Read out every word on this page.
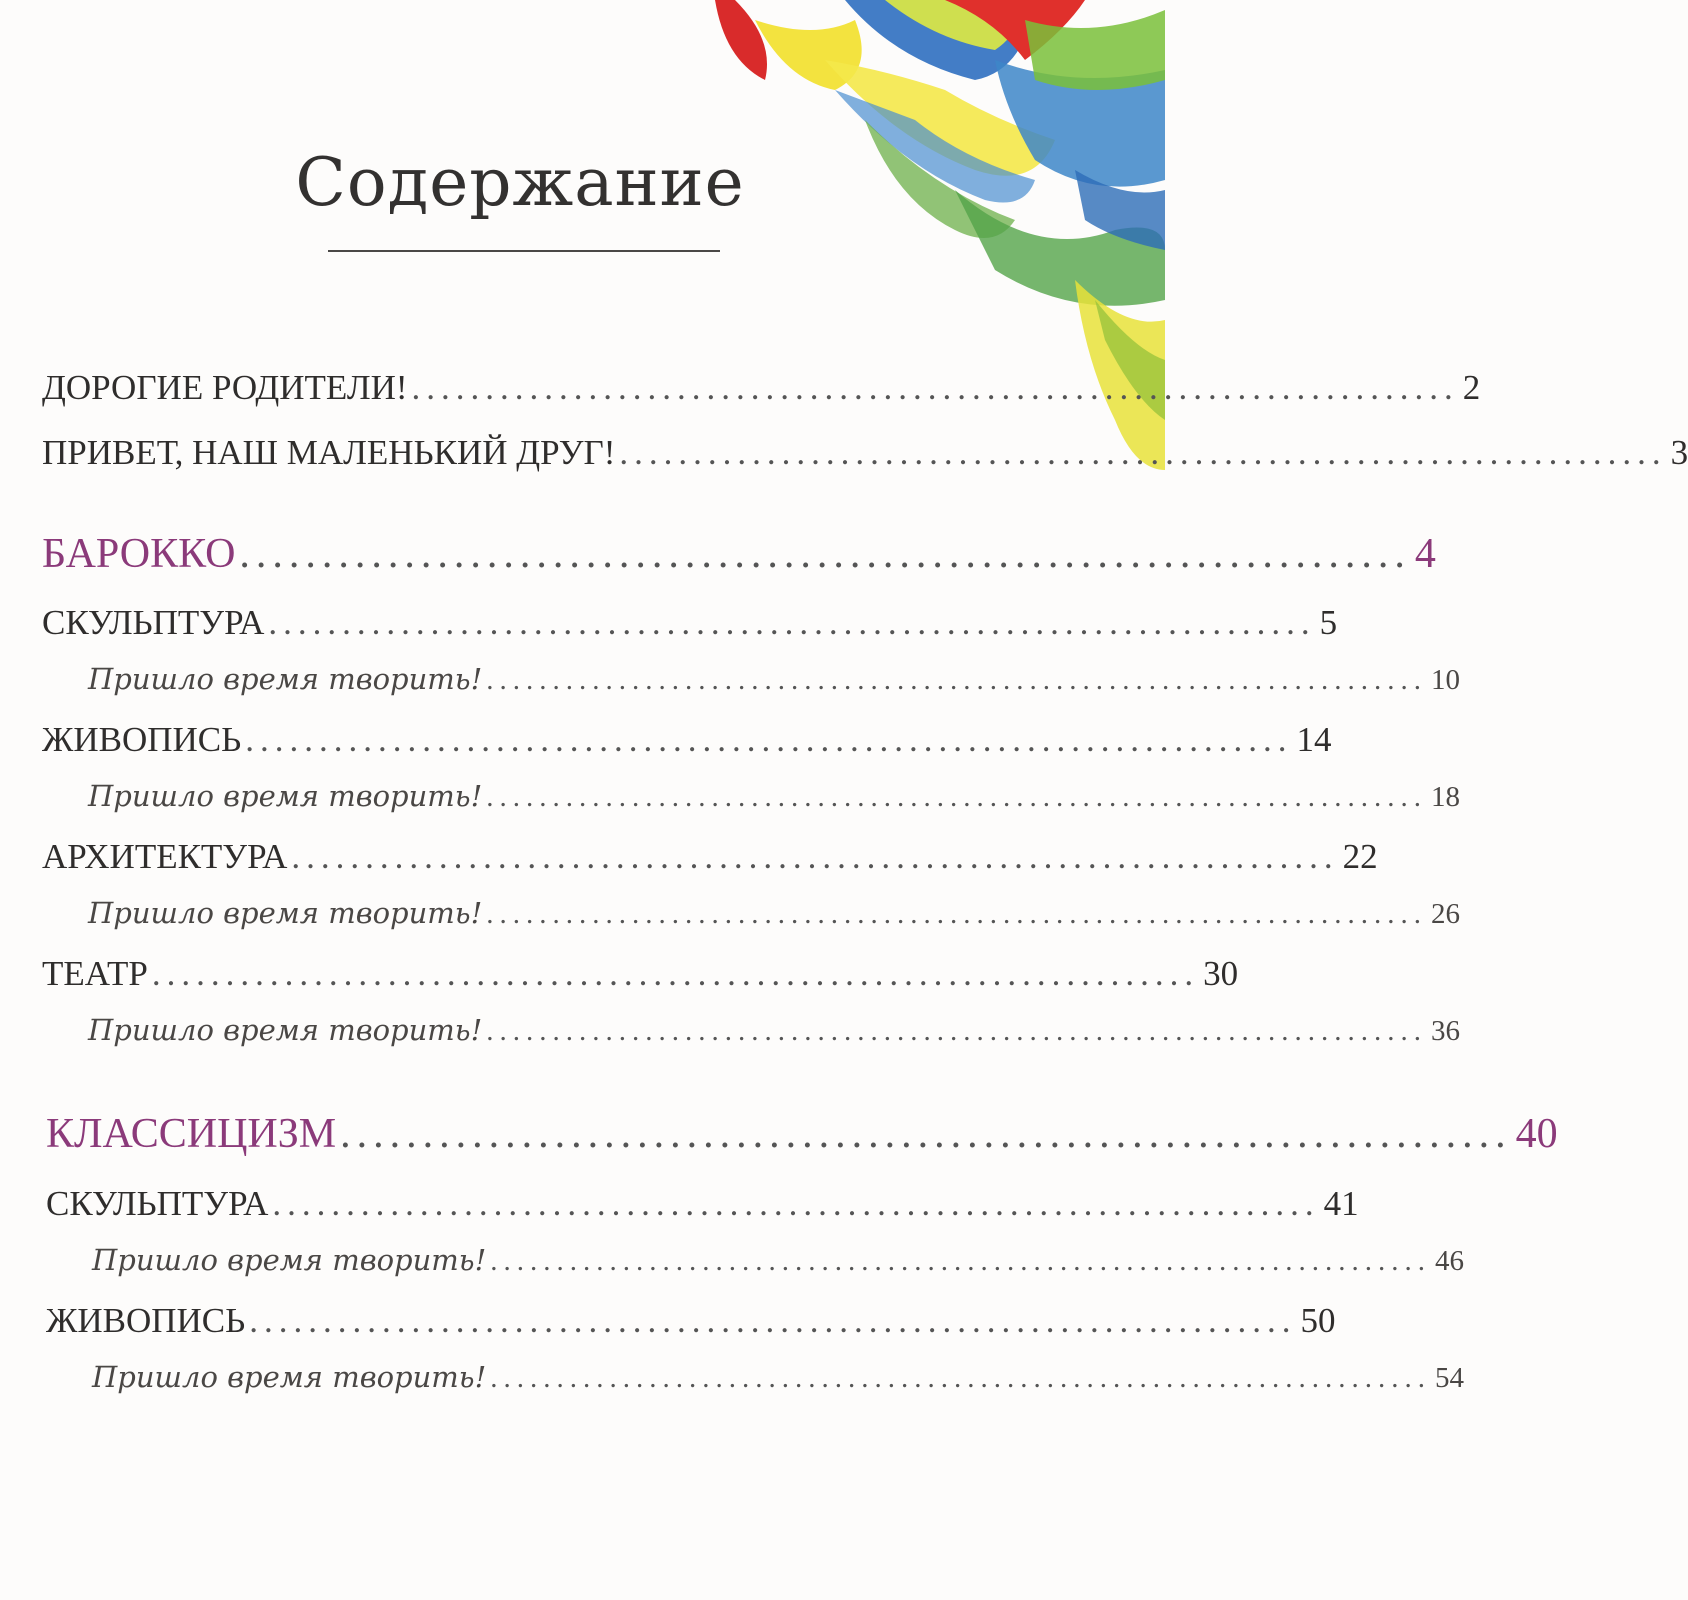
Содержание
ДОРОГИЕ РОДИТЕЛИ! ....................................................................... 2
ПРИВЕТ, НАШ МАЛЕНЬКИЙ ДРУГ! ....................................................................... 3
БАРОККО ....................................................................... 4
СКУЛЬПТУРА ....................................................................... 5
Пришло время творить! ....................................................................... 10
ЖИВОПИСЬ ....................................................................... 14
Пришло время творить! ....................................................................... 18
АРХИТЕКТУРА ....................................................................... 22
Пришло время творить! ....................................................................... 26
ТЕАТР ....................................................................... 30
Пришло время творить! ....................................................................... 36
КЛАССИЦИЗМ ....................................................................... 40
СКУЛЬПТУРА ....................................................................... 41
Пришло время творить! ....................................................................... 46
ЖИВОПИСЬ ....................................................................... 50
Пришло время творить! ....................................................................... 54
